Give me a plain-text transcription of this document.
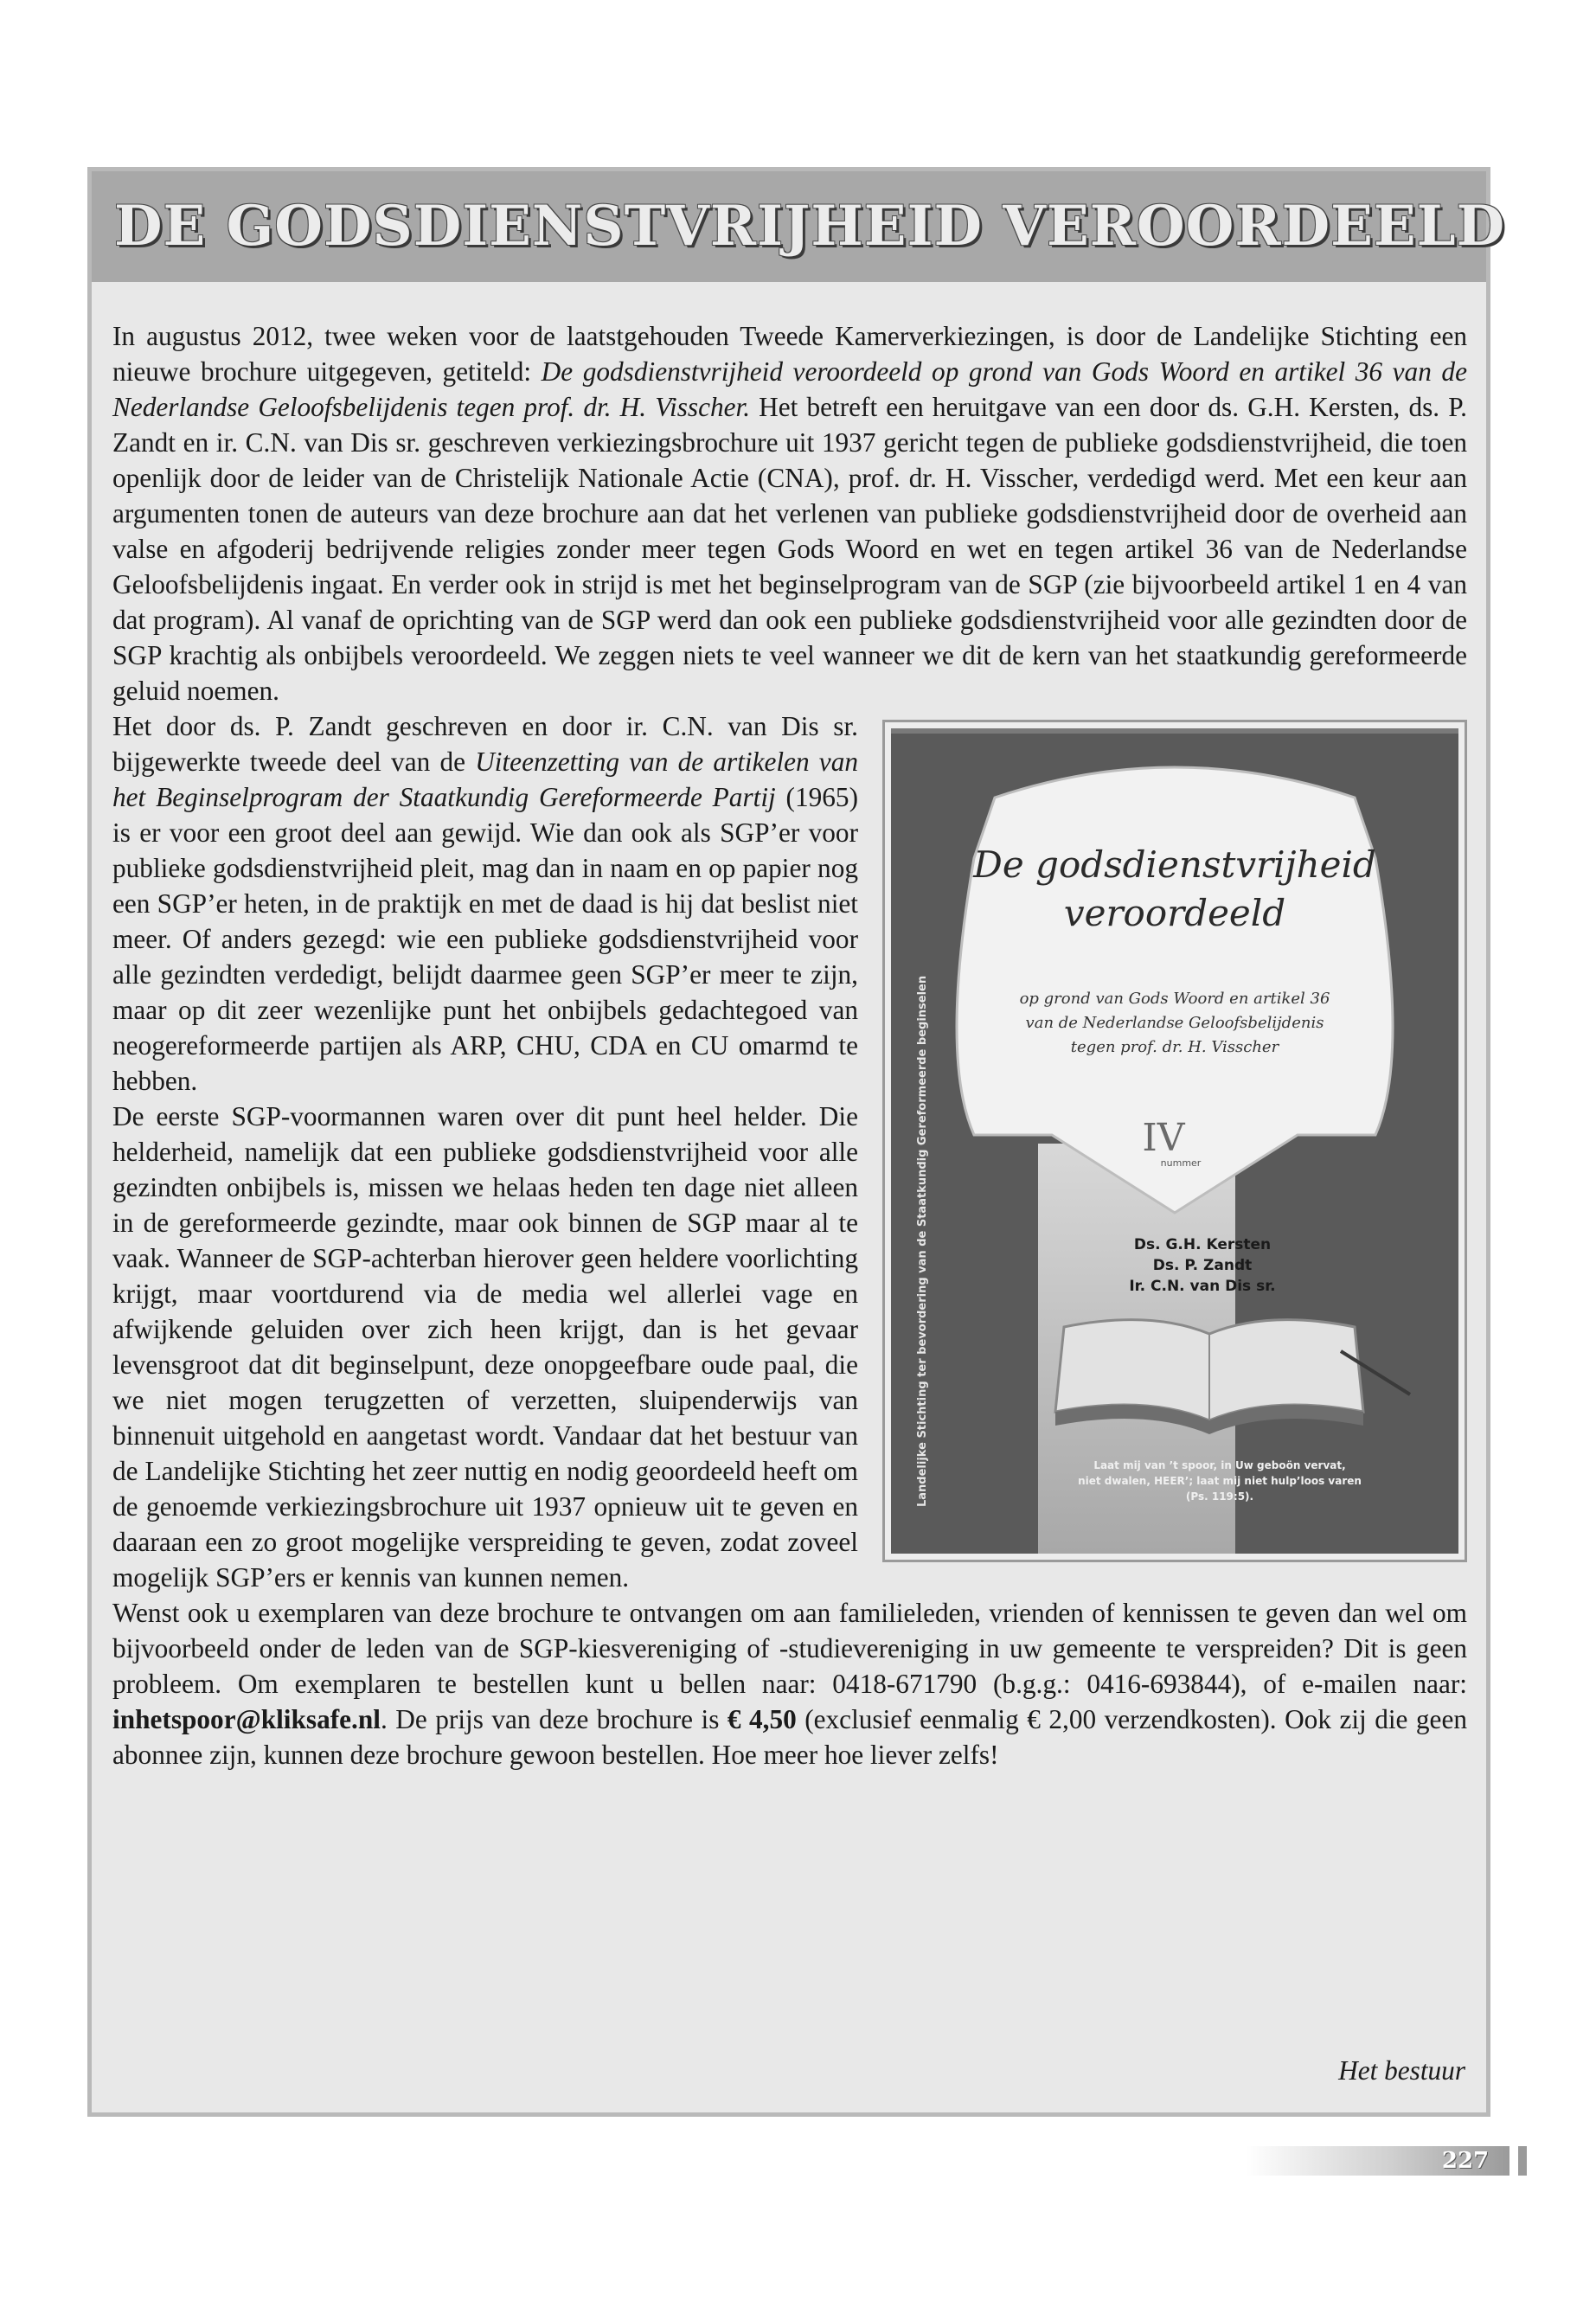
DE GODSDIENSTVRIJHEID VEROORDEELD

In augustus 2012, twee weken voor de laatstgehouden Tweede Kamerverkiezingen, is door de Landelijke Stichting een nieuwe brochure uitgegeven, getiteld: De godsdienstvrijheid veroordeeld op grond van Gods Woord en artikel 36 van de Nederlandse Geloofsbelijdenis tegen prof. dr. H. Visscher. Het betreft een heruitgave van een door ds. G.H. Kersten, ds. P. Zandt en ir. C.N. van Dis sr. geschreven verkiezingsbrochure uit 1937 gericht tegen de publieke godsdienstvrijheid, die toen openlijk door de leider van de Christelijk Nationale Actie (CNA), prof. dr. H. Visscher, verdedigd werd. Met een keur aan argumenten tonen de auteurs van deze brochure aan dat het verlenen van publieke godsdienstvrijheid door de overheid aan valse en afgoderij bedrijvende religies zonder meer tegen Gods Woord en wet en tegen artikel 36 van de Nederlandse Geloofsbelijdenis ingaat. En verder ook in strijd is met het beginselprogram van de SGP (zie bijvoorbeeld artikel 1 en 4 van dat program). Al vanaf de oprichting van de SGP werd dan ook een publieke godsdienstvrijheid voor alle gezindten door de SGP krachtig als onbijbels veroordeeld. We zeggen niets te veel wanneer we dit de kern van het staatkundig gereformeerde geluid noemen.

De godsdienstvrijheid
veroordeeld
op grond van Gods Woord en artikel 36
van de Nederlandse Geloofsbelijdenis
tegen prof. dr. H. Visscher
IV
nummer
Ds. G.H. Kersten
Ds. P. Zandt
Ir. C.N. van Dis sr.
Laat mij van ’t spoor, in Uw geboön vervat,
niet dwalen, HEER’; laat mij niet hulp’loos varen
(Ps. 119:5).
Landelijke Stichting ter bevordering van de Staatkundig Gereformeerde beginselen

Het door ds. P. Zandt geschreven en door ir. C.N. van Dis sr. bijgewerkte tweede deel van de Uiteenzetting van de artikelen van het Beginselprogram der Staatkundig Gereformeerde Partij (1965) is er voor een groot deel aan gewijd. Wie dan ook als SGP’er voor publieke godsdienstvrijheid pleit, mag dan in naam en op papier nog een SGP’er heten, in de praktijk en met de daad is hij dat beslist niet meer. Of anders gezegd: wie een publieke godsdienstvrijheid voor alle gezindten verdedigt, belijdt daarmee geen SGP’er meer te zijn, maar op dit zeer wezenlijke punt het onbijbels gedachtegoed van neogereformeerde partijen als ARP, CHU, CDA en CU omarmd te hebben.

De eerste SGP-voormannen waren over dit punt heel helder. Die helderheid, namelijk dat een publieke godsdienstvrijheid voor alle gezindten onbijbels is, missen we helaas heden ten dage niet alleen in de gereformeerde gezindte, maar ook binnen de SGP maar al te vaak. Wanneer de SGP-achterban hierover geen heldere voorlichting krijgt, maar voortdurend via de media wel allerlei vage en afwijkende geluiden over zich heen krijgt, dan is het gevaar levensgroot dat dit beginselpunt, deze onopgeefbare oude paal, die we niet mogen terugzetten of verzetten, sluipenderwijs van binnenuit uitgehold en aangetast wordt. Vandaar dat het bestuur van de Landelijke Stichting het zeer nuttig en nodig geoordeeld heeft om de genoemde verkiezingsbrochure uit 1937 opnieuw uit te geven en daaraan een zo groot mogelijke verspreiding te geven, zodat zoveel mogelijk SGP’ers er kennis van kunnen nemen.

Wenst ook u exemplaren van deze brochure te ontvangen om aan familieleden, vrienden of kennissen te geven dan wel om bijvoorbeeld onder de leden van de SGP-kiesvereniging of -studievereniging in uw gemeente te verspreiden? Dit is geen probleem. Om exemplaren te bestellen kunt u bellen naar: 0418-671790 (b.g.g.: 0416-693844), of e-mailen naar: inhetspoor@kliksafe.nl. De prijs van deze brochure is € 4,50 (exclusief eenmalig € 2,00 verzendkosten). Ook zij die geen abonnee zijn, kunnen deze brochure gewoon bestellen. Hoe meer hoe liever zelfs!

Het bestuur

227
